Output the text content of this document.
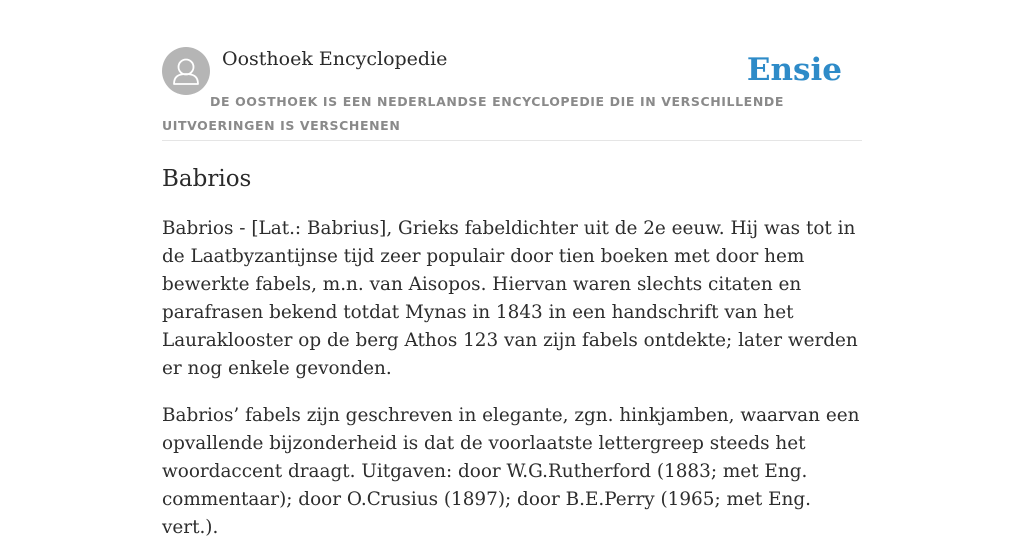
Oosthoek Encyclopedie	Ensie
DE OOSTHOEK IS EEN NEDERLANDSE ENCYCLOPEDIE DIE IN VERSCHILLENDE UITVOERINGEN IS VERSCHENEN
Babrios

Babrios - [Lat.: Babrius], Grieks fabeldichter uit de 2e eeuw. Hij was tot in de Laatbyzantijnse tijd zeer populair door tien boeken met door hem bewerkte fabels, m.n. van Aisopos. Hiervan waren slechts citaten en parafrasen bekend totdat Mynas in 1843 in een handschrift van het Lauraklooster op de berg Athos 123 van zijn fabels ontdekte; later werden er nog enkele gevonden.

Babrios’ fabels zijn geschreven in elegante, zgn. hinkjamben, waarvan een opvallende bijzonderheid is dat de voorlaatste lettergreep steeds het woordaccent draagt. Uitgaven: door W.G.Rutherford (1883; met Eng. commentaar); door O.Crusius (1897); door B.E.Perry (1965; met Eng. vert.).
